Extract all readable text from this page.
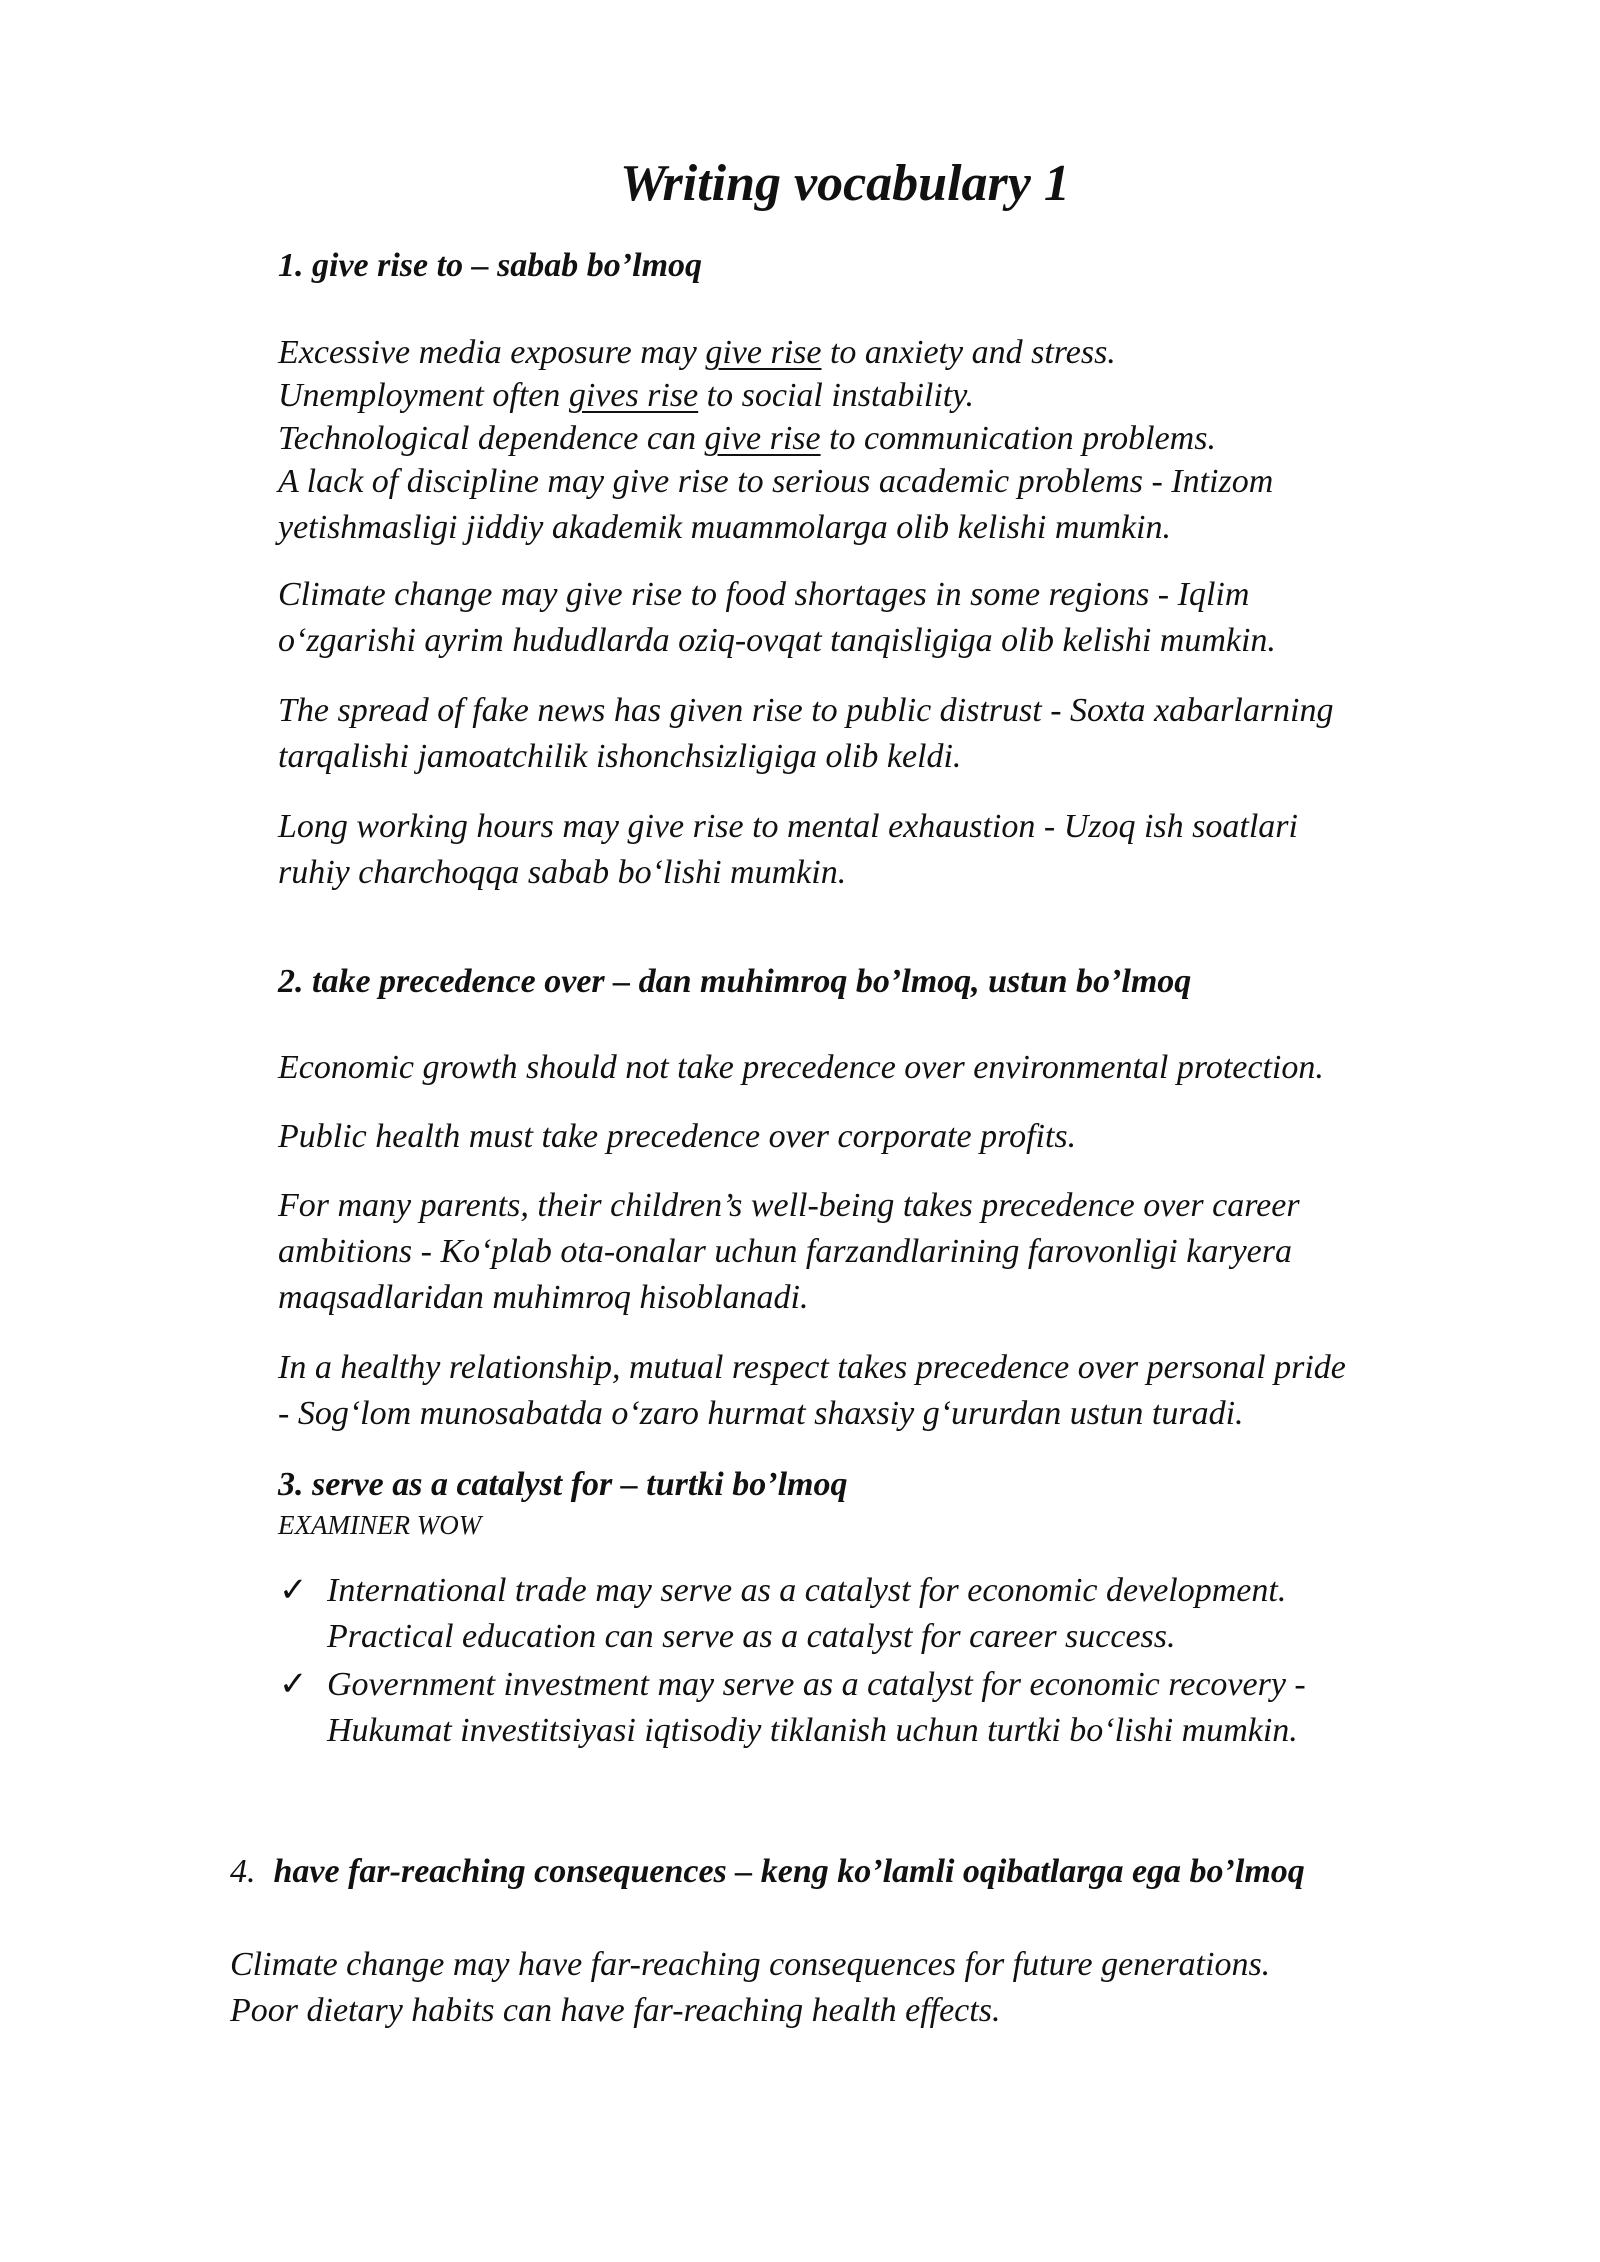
Writing vocabulary 1
1. give rise to – sabab bo’lmoq
Excessive media exposure may give rise to anxiety and stress.
Unemployment often gives rise to social instability.
Technological dependence can give rise to communication problems.
A lack of discipline may give rise to serious academic problems - Intizom
yetishmasligi jiddiy akademik muammolarga olib kelishi mumkin.
Climate change may give rise to food shortages in some regions - Iqlim
o‘zgarishi ayrim hududlarda oziq-ovqat tanqisligiga olib kelishi mumkin.
The spread of fake news has given rise to public distrust - Soxta xabarlarning
tarqalishi jamoatchilik ishonchsizligiga olib keldi.
Long working hours may give rise to mental exhaustion - Uzoq ish soatlari
ruhiy charchoqqa sabab bo‘lishi mumkin.
2. take precedence over – dan muhimroq bo’lmoq, ustun bo’lmoq
Economic growth should not take precedence over environmental protection.
Public health must take precedence over corporate profits.
For many parents, their children’s well-being takes precedence over career
ambitions - Ko‘plab ota-onalar uchun farzandlarining farovonligi karyera
maqsadlaridan muhimroq hisoblanadi.
In a healthy relationship, mutual respect takes precedence over personal pride
- Sog‘lom munosabatda o‘zaro hurmat shaxsiy g‘ururdan ustun turadi.
3. serve as a catalyst for – turtki bo’lmoq
EXAMINER WOW
✓ International trade may serve as a catalyst for economic development.
Practical education can serve as a catalyst for career success.
✓ Government investment may serve as a catalyst for economic recovery -
Hukumat investitsiyasi iqtisodiy tiklanish uchun turtki bo‘lishi mumkin.
4. have far-reaching consequences – keng ko’lamli oqibatlarga ega bo’lmoq
Climate change may have far-reaching consequences for future generations.
Poor dietary habits can have far-reaching health effects.
